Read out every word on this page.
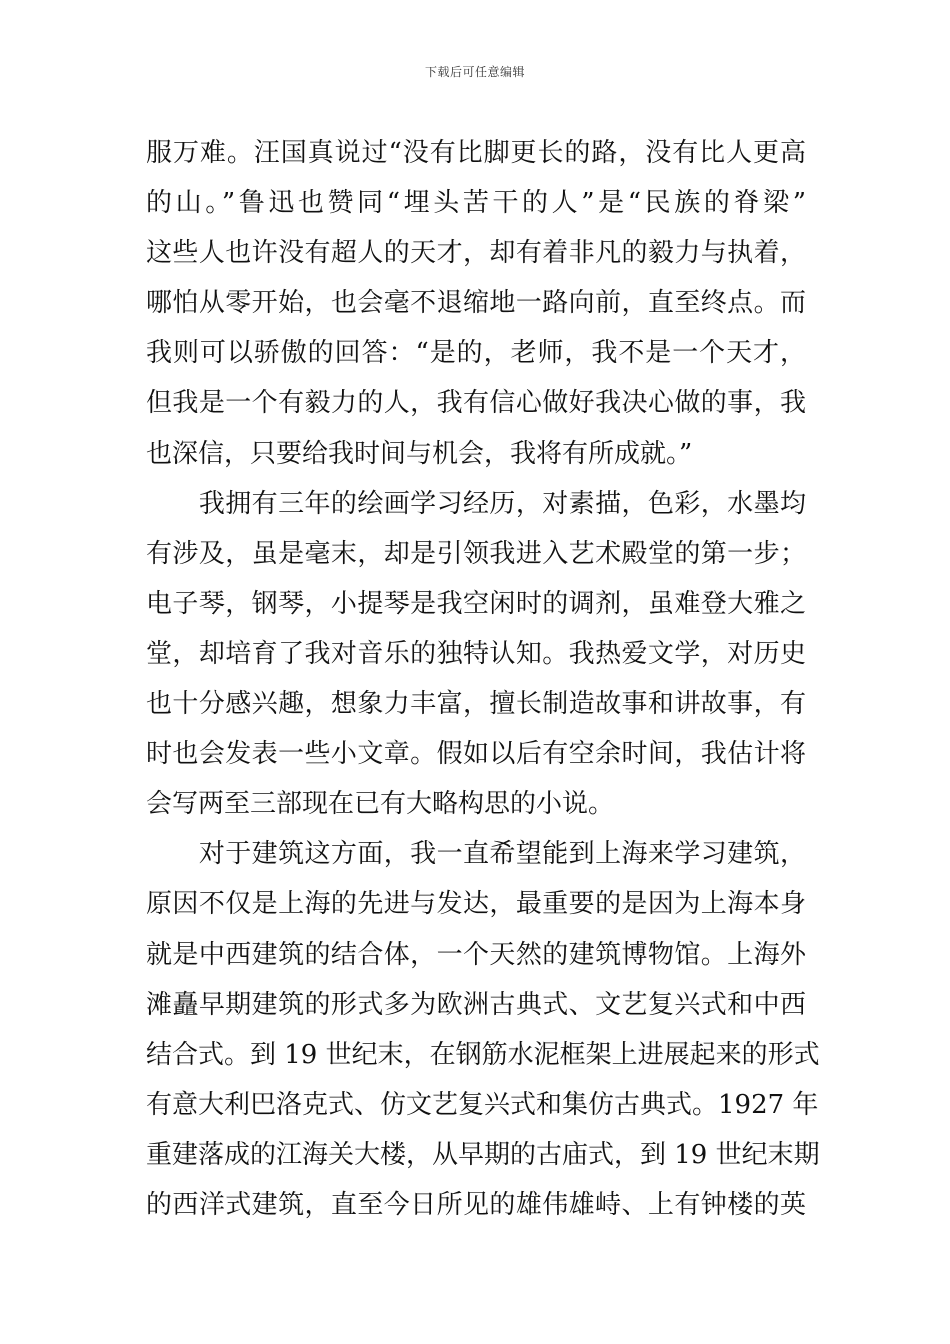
下载后可任意编辑
服万难。汪国真说过“没有比脚更长的路，没有比人更高
的山。”鲁迅也赞同“埋头苦干的人”是“民族的脊梁”
这些人也许没有超人的天才，却有着非凡的毅力与执着，
哪怕从零开始，也会毫不退缩地一路向前，直至终点。而
我则可以骄傲的回答：“是的，老师，我不是一个天才，
但我是一个有毅力的人，我有信心做好我决心做的事，我
也深信，只要给我时间与机会，我将有所成就。”
　　我拥有三年的绘画学习经历，对素描，色彩，水墨均
有涉及，虽是毫末，却是引领我进入艺术殿堂的第一步；
电子琴，钢琴，小提琴是我空闲时的调剂，虽难登大雅之
堂，却培育了我对音乐的独特认知。我热爱文学，对历史
也十分感兴趣，想象力丰富，擅长制造故事和讲故事，有
时也会发表一些小文章。假如以后有空余时间，我估计将
会写两至三部现在已有大略构思的小说。
　　对于建筑这方面，我一直希望能到上海来学习建筑，
原因不仅是上海的先进与发达，最重要的是因为上海本身
就是中西建筑的结合体，一个天然的建筑博物馆。上海外
滩矗早期建筑的形式多为欧洲古典式、文艺复兴式和中西
结合式。到 19 世纪末，在钢筋水泥框架上进展起来的形式
有意大利巴洛克式、仿文艺复兴式和集仿古典式。1927 年
重建落成的江海关大楼，从早期的古庙式，到 19 世纪末期
的西洋式建筑，直至今日所见的雄伟雄峙、上有钟楼的英
